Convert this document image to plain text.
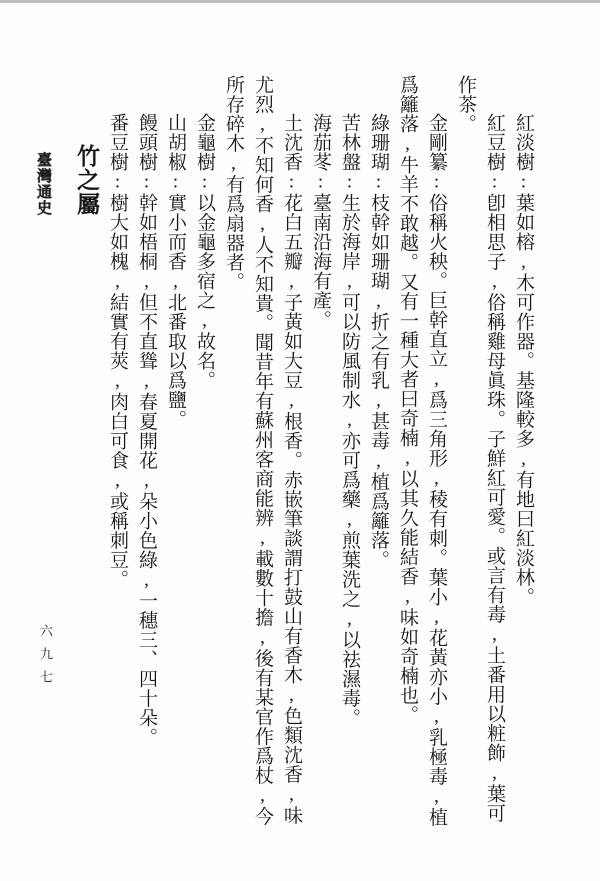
紅淡樹:葉如榕,木可作器。基隆較多,有地曰紅淡林。
紅豆樹:卽相思子,俗稱雞母眞珠。子鮮紅可愛。或言有毒,土番用以粧飾,葉可
作茶。
金剛纂:俗稱火秧。巨幹直立,爲三角形,稜有刺。葉小,花黃亦小,乳極毒,植
爲籬落,牛羊不敢越。又有一種大者曰奇楠,以其久能結香,味如奇楠也。
綠珊瑚:枝幹如珊瑚,折之有乳,甚毒,植爲籬落。
苦林盤:生於海岸,可以防風制水,亦可爲藥,煎葉洗之,以祛濕毒。
海茄苳:臺南沿海有產。
土沈香:花白五瓣,子黃如大豆,根香。赤嵌筆談謂打鼓山有香木,色類沈香,味
尤烈,不知何香,人不知貴。聞昔年有蘇州客商能辨,載數十擔,後有某官作爲杖,今
所存碎木,有爲扇器者。
金龜樹:以金龜多宿之,故名。
山胡椒:實小而香,北番取以爲鹽。
饅頭樹:幹如梧桐,但不直聳,春夏開花,朵小色綠,一穗三、四十朵。
番豆樹:樹大如槐,結實有莢,肉白可食,或稱刺豆。
竹之屬
臺灣通史
六九七
